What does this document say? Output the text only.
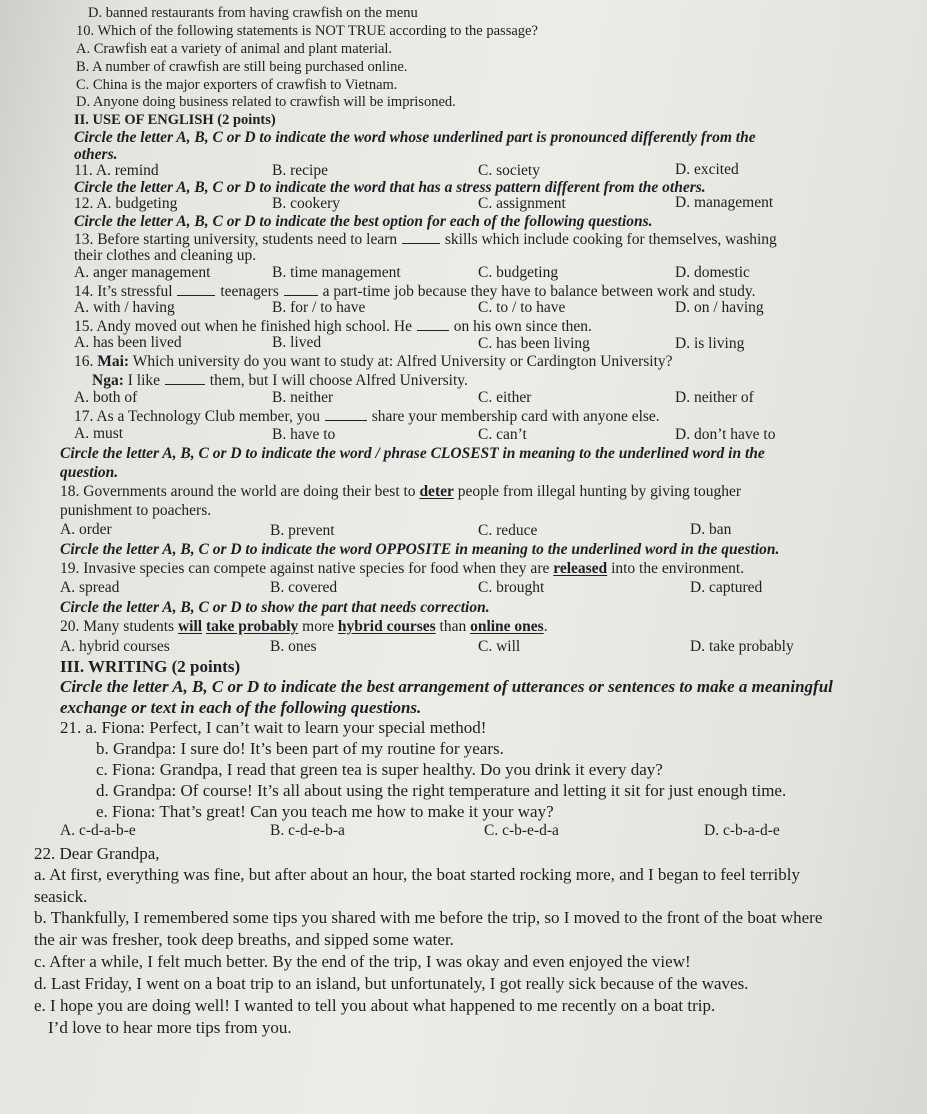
D. banned restaurants from having crawfish on the menu
10. Which of the following statements is NOT TRUE according to the passage?
A. Crawfish eat a variety of animal and plant material.
B. A number of crawfish are still being purchased online.
C. China is the major exporters of crawfish to Vietnam.
D. Anyone doing business related to crawfish will be imprisoned.
II. USE OF ENGLISH (2 points)
Circle the letter A, B, C or D to indicate the word whose underlined part is pronounced differently from the
others.
11. A. remind	B. recipe	C. society	D. excited
Circle the letter A, B, C or D to indicate the word that has a stress pattern different from the others.
12. A. budgeting	B. cookery	C. assignment	D. management
Circle the letter A, B, C or D to indicate the best option for each of the following questions.
13. Before starting university, students need to learn	skills which include cooking for themselves, washing
their clothes and cleaning up.
A. anger management	B. time management	C. budgeting	D. domestic
14. It’s stressful	teenagers	a part-time job because they have to balance between work and study.
A. with / having	B. for / to have	C. to / to have	D. on / having
15. Andy moved out when he finished high school. He	on his own since then.
A. has been lived	B. lived	C. has been living	D. is living
16. Mai: Which university do you want to study at: Alfred University or Cardington University?
Nga: I like	them, but I will choose Alfred University.
A. both of	B. neither	C. either	D. neither of
17. As a Technology Club member, you	share your membership card with anyone else.
A. must	B. have to	C. can’t	D. don’t have to
Circle the letter A, B, C or D to indicate the word / phrase CLOSEST in meaning to the underlined word in the
question.
18. Governments around the world are doing their best to deter people from illegal hunting by giving tougher
punishment to poachers.
A. order	B. prevent	C. reduce	D. ban
Circle the letter A, B, C or D to indicate the word OPPOSITE in meaning to the underlined word in the question.
19. Invasive species can compete against native species for food when they are released into the environment.
A. spread	B. covered	C. brought	D. captured
Circle the letter A, B, C or D to show the part that needs correction.
20. Many students will take probably more hybrid courses than online ones.
A. hybrid courses	B. ones	C. will	D. take probably
III. WRITING (2 points)
Circle the letter A, B, C or D to indicate the best arrangement of utterances or sentences to make a meaningful
exchange or text in each of the following questions.
21. a. Fiona: Perfect, I can’t wait to learn your special method!
b. Grandpa: I sure do! It’s been part of my routine for years.
c. Fiona: Grandpa, I read that green tea is super healthy. Do you drink it every day?
d. Grandpa: Of course! It’s all about using the right temperature and letting it sit for just enough time.
e. Fiona: That’s great! Can you teach me how to make it your way?
A. c-d-a-b-e	B. c-d-e-b-a	C. c-b-e-d-a	D. c-b-a-d-e
22. Dear Grandpa,
a. At first, everything was fine, but after about an hour, the boat started rocking more, and I began to feel terribly
seasick.
b. Thankfully, I remembered some tips you shared with me before the trip, so I moved to the front of the boat where
the air was fresher, took deep breaths, and sipped some water.
c. After a while, I felt much better. By the end of the trip, I was okay and even enjoyed the view!
d. Last Friday, I went on a boat trip to an island, but unfortunately, I got really sick because of the waves.
e. I hope you are doing well! I wanted to tell you about what happened to me recently on a boat trip.
I’d love to hear more tips from you.
